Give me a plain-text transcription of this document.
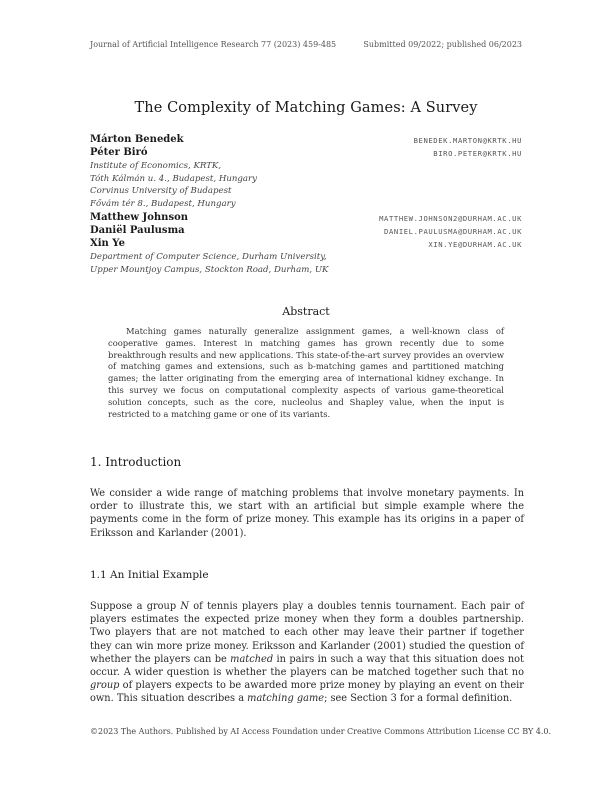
Journal of Artificial Intelligence Research 77 (2023) 459-485	Submitted 09/2022; published 06/2023
The Complexity of Matching Games: A Survey
Márton Benedek	BENEDEK.MARTON@KRTK.HU
Péter Biró	BIRO.PETER@KRTK.HU
Institute of Economics, KRTK,
Tóth Kálmán u. 4., Budapest, Hungary
Corvinus University of Budapest
Fővám tér 8., Budapest, Hungary
Matthew Johnson	MATTHEW.JOHNSON2@DURHAM.AC.UK
Daniël Paulusma	DANIEL.PAULUSMA@DURHAM.AC.UK
Xin Ye	XIN.YE@DURHAM.AC.UK
Department of Computer Science, Durham University,
Upper Mountjoy Campus, Stockton Road, Durham, UK
Abstract
Matching games naturally generalize assignment games, a well-known class of cooperative games. Interest in matching games has grown recently due to some breakthrough results and new applications. This state-of-the-art survey provides an overview of matching games and extensions, such as b-matching games and partitioned matching games; the latter originating from the emerging area of international kidney exchange. In this survey we focus on computational complexity aspects of various game-theoretical solution concepts, such as the core, nucleolus and Shapley value, when the input is restricted to a matching game or one of its variants.
1. Introduction
We consider a wide range of matching problems that involve monetary payments. In order to illustrate this, we start with an artificial but simple example where the payments come in the form of prize money. This example has its origins in a paper of Eriksson and Karlander (2001).
1.1 An Initial Example
Suppose a group N of tennis players play a doubles tennis tournament. Each pair of players estimates the expected prize money when they form a doubles partnership. Two players that are not matched to each other may leave their partner if together they can win more prize money. Eriksson and Karlander (2001) studied the question of whether the players can be matched in pairs in such a way that this situation does not occur. A wider question is whether the players can be matched together such that no group of players expects to be awarded more prize money by playing an event on their own. This situation describes a matching game; see Section 3 for a formal definition.
©2023 The Authors. Published by AI Access Foundation under Creative Commons Attribution License CC BY 4.0.
